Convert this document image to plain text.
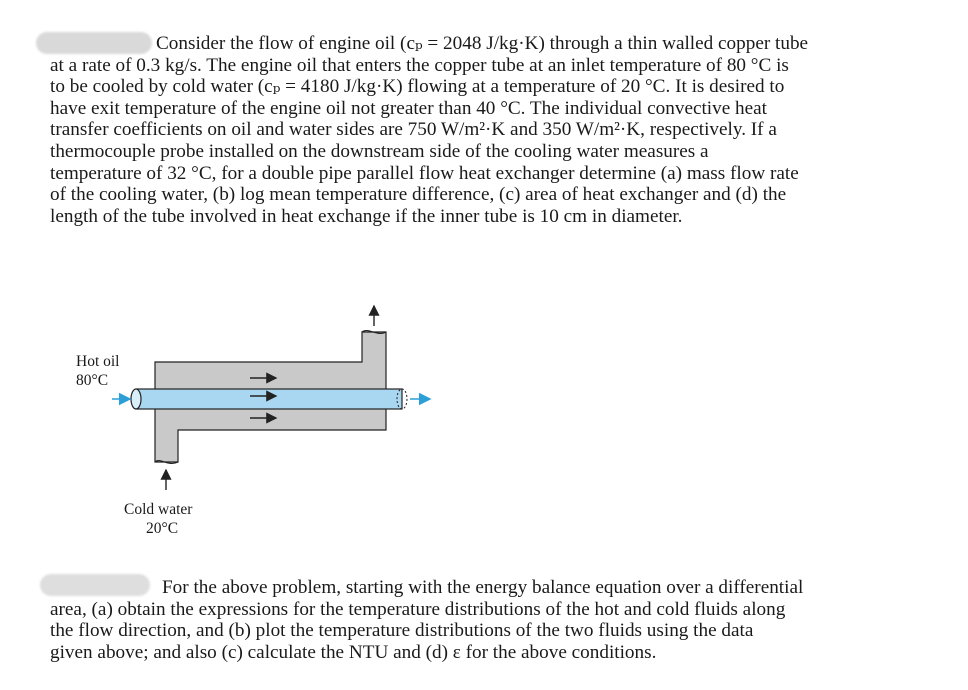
Consider the flow of engine oil (cₚ = 2048 J/kg·K) through a thin walled copper tube
at a rate of 0.3 kg/s. The engine oil that enters the copper tube at an inlet temperature of 80 °C is
to be cooled by cold water (cₚ = 4180 J/kg·K) flowing at a temperature of 20 °C. It is desired to
have exit temperature of the engine oil not greater than 40 °C. The individual convective heat
transfer coefficients on oil and water sides are 750 W/m²·K and 350 W/m²·K, respectively. If a
thermocouple probe installed on the downstream side of the cooling water measures a
temperature of 32 °C, for a double pipe parallel flow heat exchanger determine (a) mass flow rate
of the cooling water, (b) log mean temperature difference, (c) area of heat exchanger and (d) the
length of the tube involved in heat exchange if the inner tube is 10 cm in diameter.
Hot oil
80°C
Cold water
20°C
For the above problem, starting with the energy balance equation over a differential
area, (a) obtain the expressions for the temperature distributions of the hot and cold fluids along
the flow direction, and (b) plot the temperature distributions of the two fluids using the data
given above; and also (c) calculate the NTU and (d) ε for the above conditions.
